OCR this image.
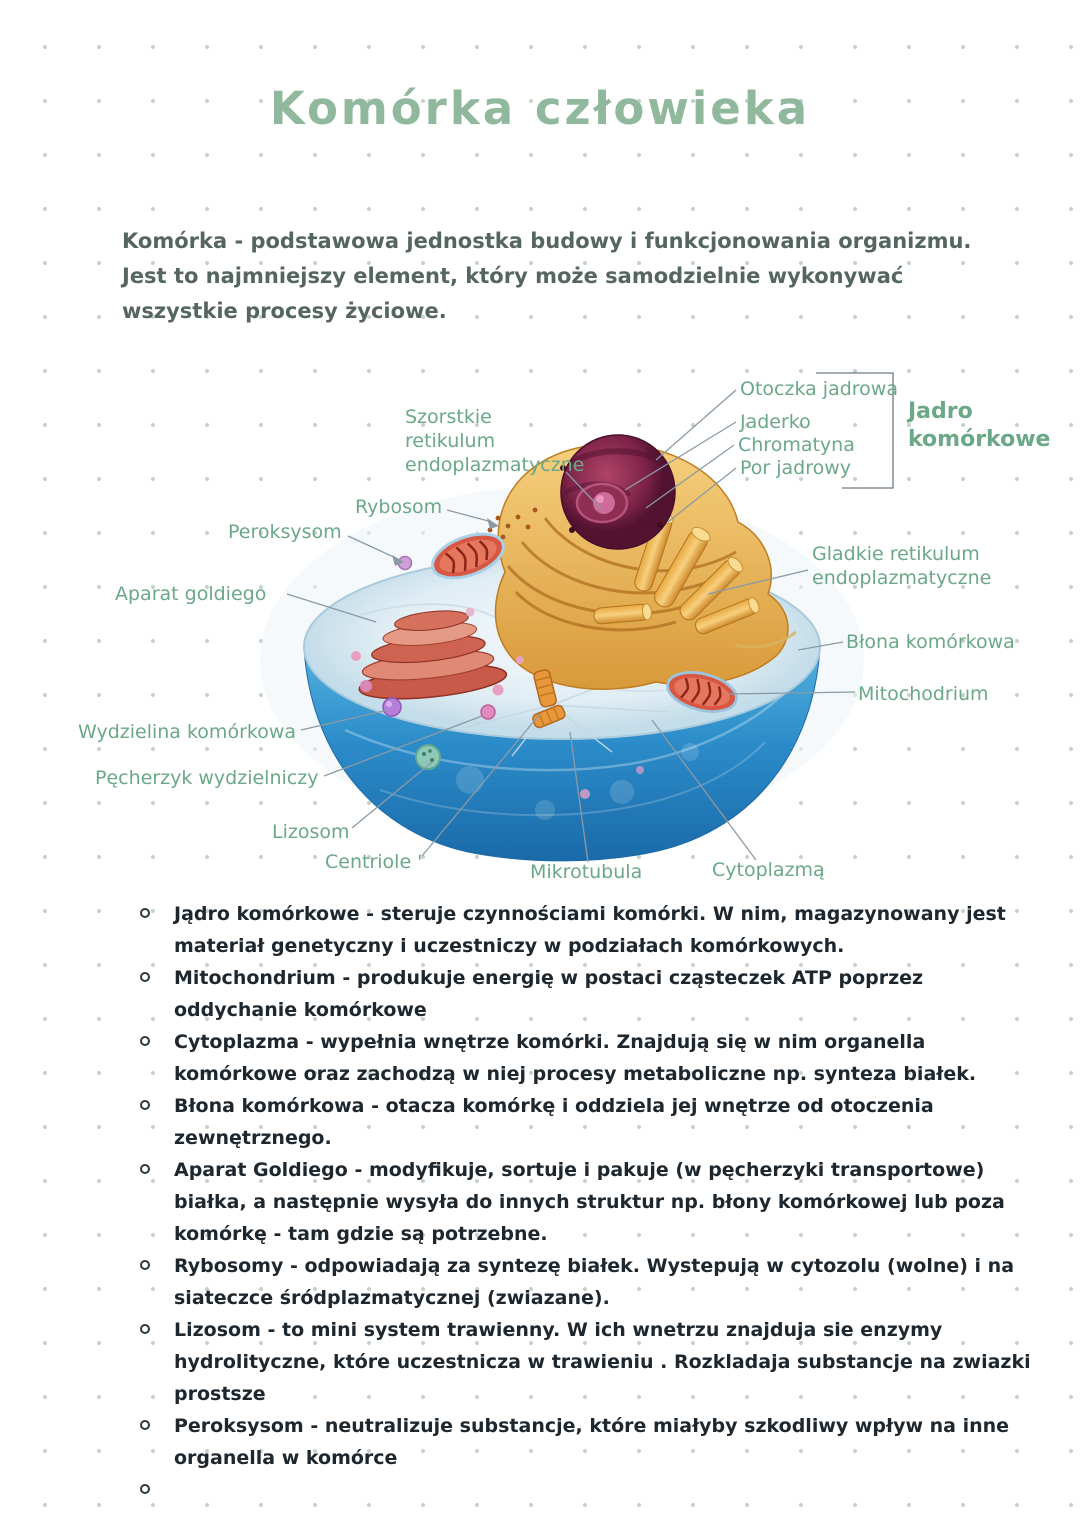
Komórka człowieka

Komórka - podstawowa jednostka budowy i funkcjonowania organizmu. Jest to najmniejszy element, który może samodzielnie wykonywać wszystkie procesy życiowe.

Otoczka jadrowa
Jaderko
Chromatyna
Por jadrowy
Jadro komórkowe
Szorstkie retikulum endoplazmatyczne
Rybosom
Peroksysom
Aparat goldiego
Gladkie retikulum endoplazmatyczne
Błona komórkowa
Mitochodrium
Wydzielina komórkowa
Pęcherzyk wydzielniczy
Lizosom
Centriole '	Mikrotubula	Cytoplazmą
Jądro komórkowe - steruje czynnościami komórki. W nim, magazynowany jest materiał genetyczny i uczestniczy w podziałach komórkowych.
Mitochondrium - produkuje energię w postaci cząsteczek ATP poprzez oddychanie komórkowe
Cytoplazma - wypełnia wnętrze komórki. Znajdują się w nim organella komórkowe oraz zachodzą w niej procesy metaboliczne np. synteza białek.
Błona komórkowa - otacza komórkę i oddziela jej wnętrze od otoczenia zewnętrznego.
Aparat Goldiego - modyfikuje, sortuje i pakuje (w pęcherzyki transportowe) białka, a następnie wysyła do innych struktur np. błony komórkowej lub poza komórkę - tam gdzie są potrzebne.
Rybosomy - odpowiadają za syntezę białek. Wystepują w cytozolu (wolne) i na siateczce śródplazmatycznej (zwiazane).
Lizosom - to mini system trawienny. W ich wnetrzu znajduja sie enzymy hydrolityczne, które uczestnicza w trawieniu . Rozkladaja substancje na zwiazki prostsze
Peroksysom - neutralizuje substancje, które miałyby szkodliwy wpływ na inne organella w komórce
